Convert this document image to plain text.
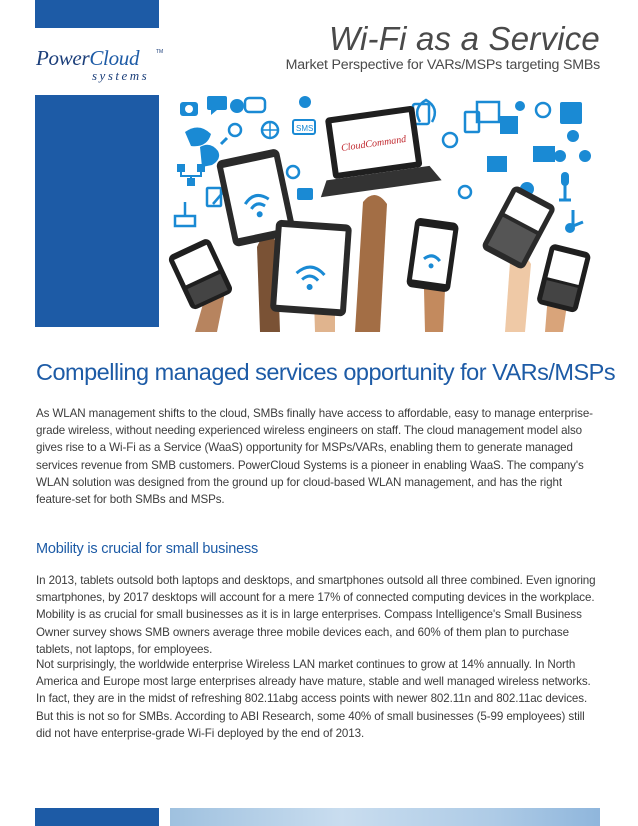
PowerCloud	TM
systems
Wi-Fi as a Service
Market Perspective for VARs/MSPs targeting SMBs
SMS
CloudCommand
Compelling managed services opportunity for VARs/MSPs

As WLAN management shifts to the cloud, SMBs finally have access to affordable, easy to manage enterprise-grade wireless, without needing experienced wireless engineers on staff. The cloud management model also gives rise to a Wi-Fi as a Service (WaaS) opportunity for MSPs/VARs, enabling them to generate managed services revenue from SMB customers. PowerCloud Systems is a pioneer in enabling WaaS. The company's WLAN solution was designed from the ground up for cloud-based WLAN management, and has the right feature-set for both SMBs and MSPs.

Mobility is crucial for small business

In 2013, tablets outsold both laptops and desktops, and smartphones outsold all three combined. Even ignoring smartphones, by 2017 desktops will account for a mere 17% of connected computing devices in the workplace. Mobility is as crucial for small businesses as it is in large enterprises. Compass Intelligence's Small Business Owner survey shows SMB owners average three mobile devices each, and 60% of them plan to purchase tablets, not laptops, for employees.

Not surprisingly, the worldwide enterprise Wireless LAN market continues to grow at 14% annually. In North America and Europe most large enterprises already have mature, stable and well managed wireless networks. In fact, they are in the midst of refreshing 802.11abg access points with newer 802.11n and 802.11ac devices. But this is not so for SMBs. According to ABI Research, some 40% of small businesses (5-99 employees) still did not have enterprise-grade Wi-Fi deployed by the end of 2013.
